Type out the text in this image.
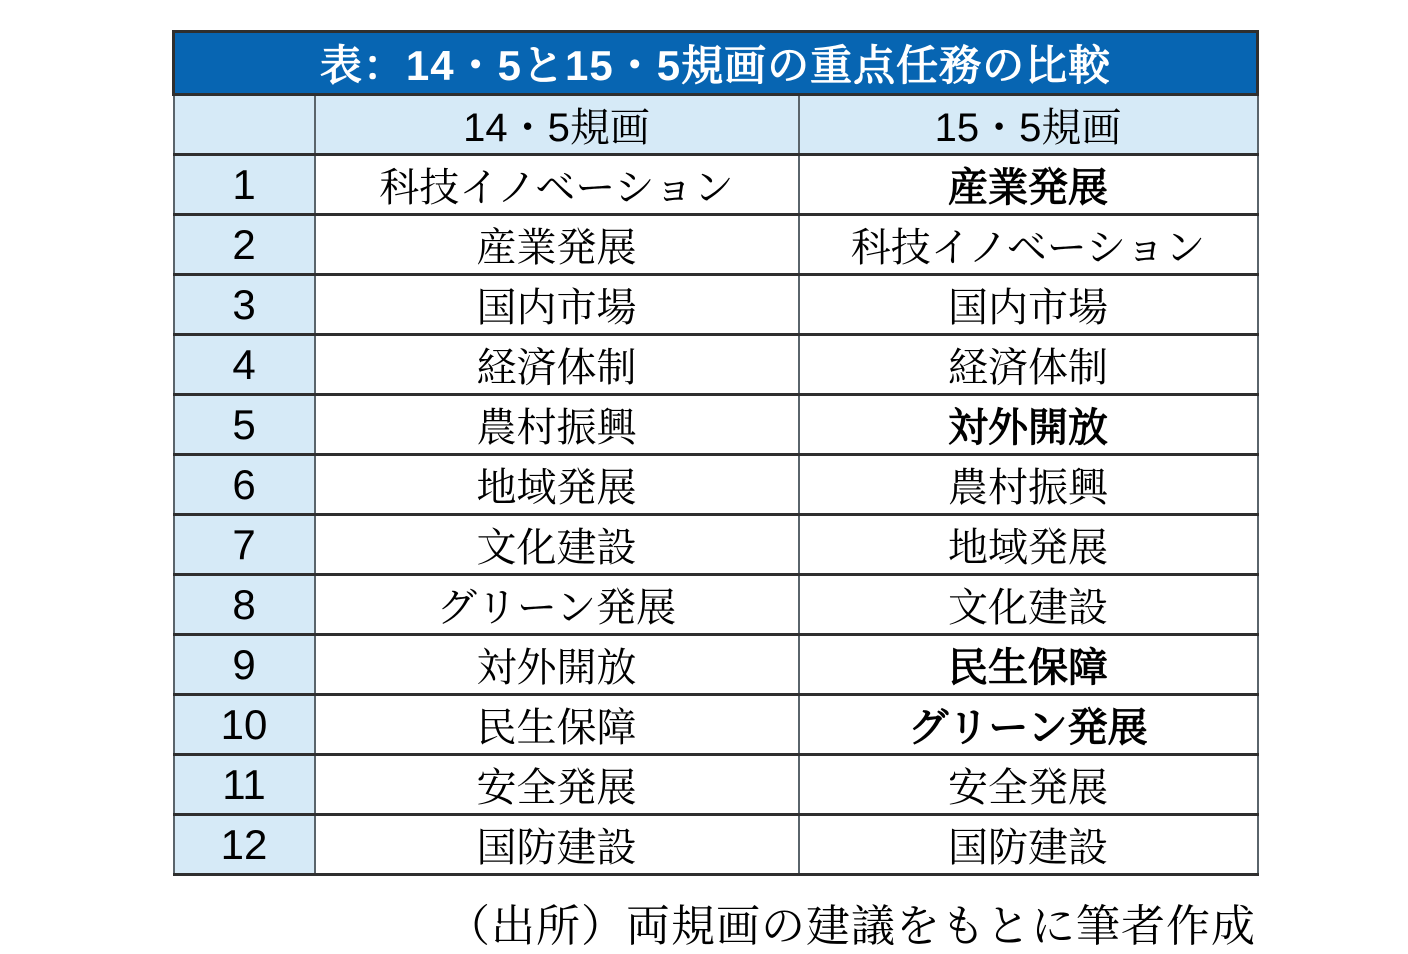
表：14・5と15・5規画の重点任務の比較		
	14・5規画	15・5規画
1	科技イノベーション	産業発展
2	産業発展	科技イノベーション
3	国内市場	国内市場
4	経済体制	経済体制
5	農村振興	対外開放
6	地域発展	農村振興
7	文化建設	地域発展
8	グリーン発展	文化建設
9	対外開放	民生保障
10	民生保障	グリーン発展
11	安全発展	安全発展
12	国防建設	国防建設
（出所）両規画の建議をもとに筆者作成
